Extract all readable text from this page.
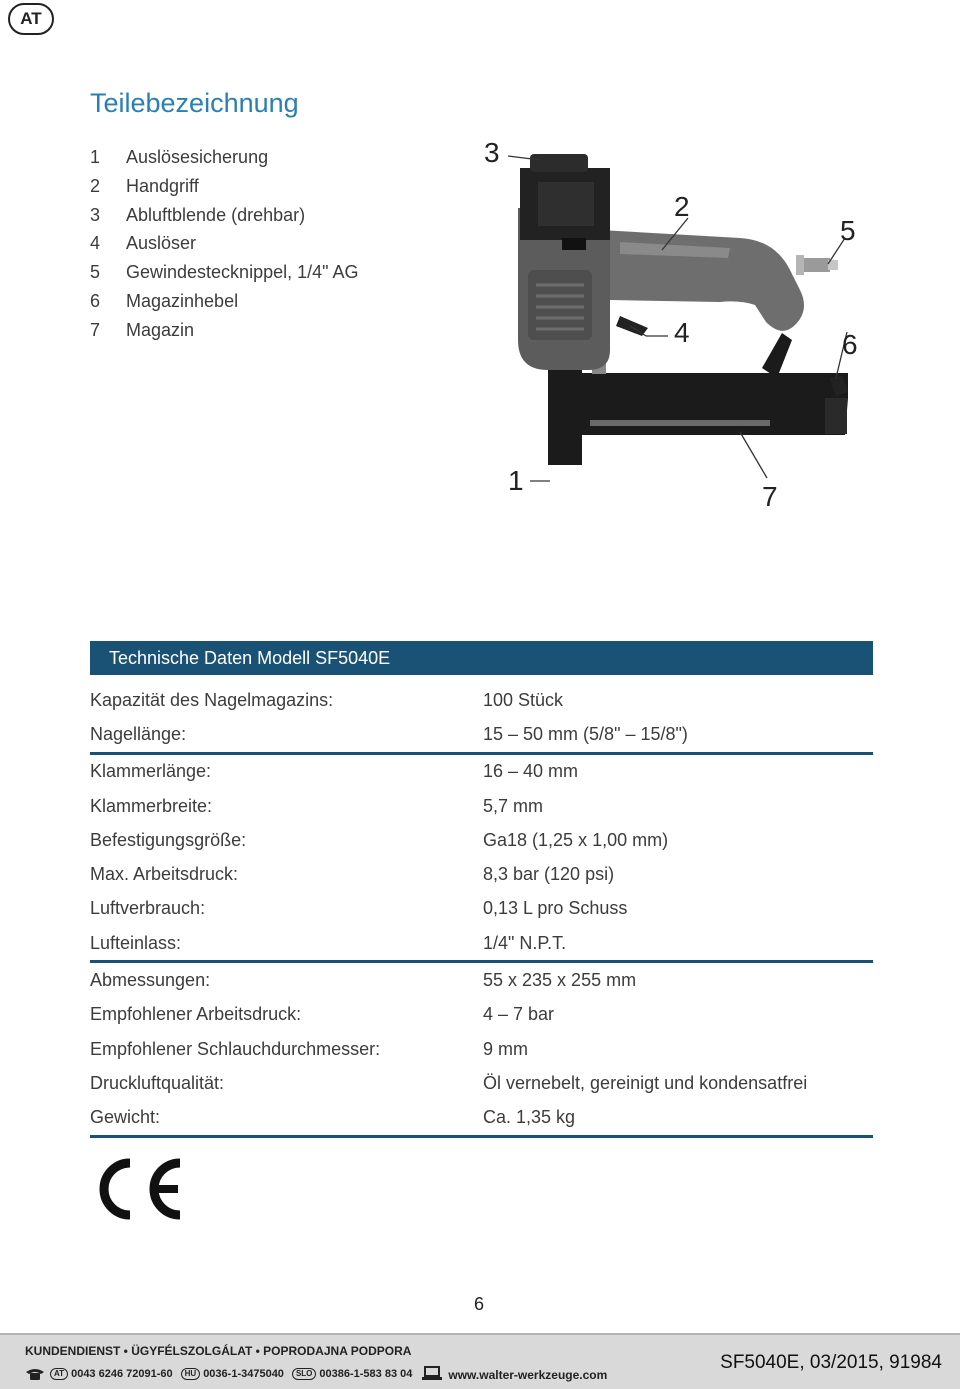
AT
Teilebezeichnung
1 Auslösesicherung
2 Handgriff
3 Abluftblende (drehbar)
4 Auslöser
5 Gewindestecknippel, 1/4" AG
6 Magazinhebel
7 Magazin
3
2
5
4	6
1
7
Technische Daten Modell SF5040E
Kapazität des Nagelmagazins:	100 Stück
Nagellänge:	15 – 50 mm (5/8" – 15/8")
Klammerlänge:	16 – 40 mm
Klammerbreite:	5,7 mm
Befestigungsgröße:	Ga18 (1,25 x 1,00 mm)
Max. Arbeitsdruck:	8,3 bar (120 psi)
Luftverbrauch:	0,13 L pro Schuss
Lufteinlass:	1/4" N.P.T.
Abmessungen:	55 x 235 x 255 mm
Empfohlener Arbeitsdruck:	4 – 7 bar
Empfohlener Schlauchdurchmesser:	9 mm
Druckluftqualität:	Öl vernebelt, gereinigt und kondensatfrei
Gewicht:	Ca. 1,35 kg
6

KUNDENDIENST • ÜGYFÉLSZOLGÁLAT • POPRODAJNA PODPORA

AT 0043 6246 72091-60	HU 0036-1-3475040	SLO 00386-1-583 83 04	www.walter-werkzeuge.com
SF5040E, 03/2015, 91984
